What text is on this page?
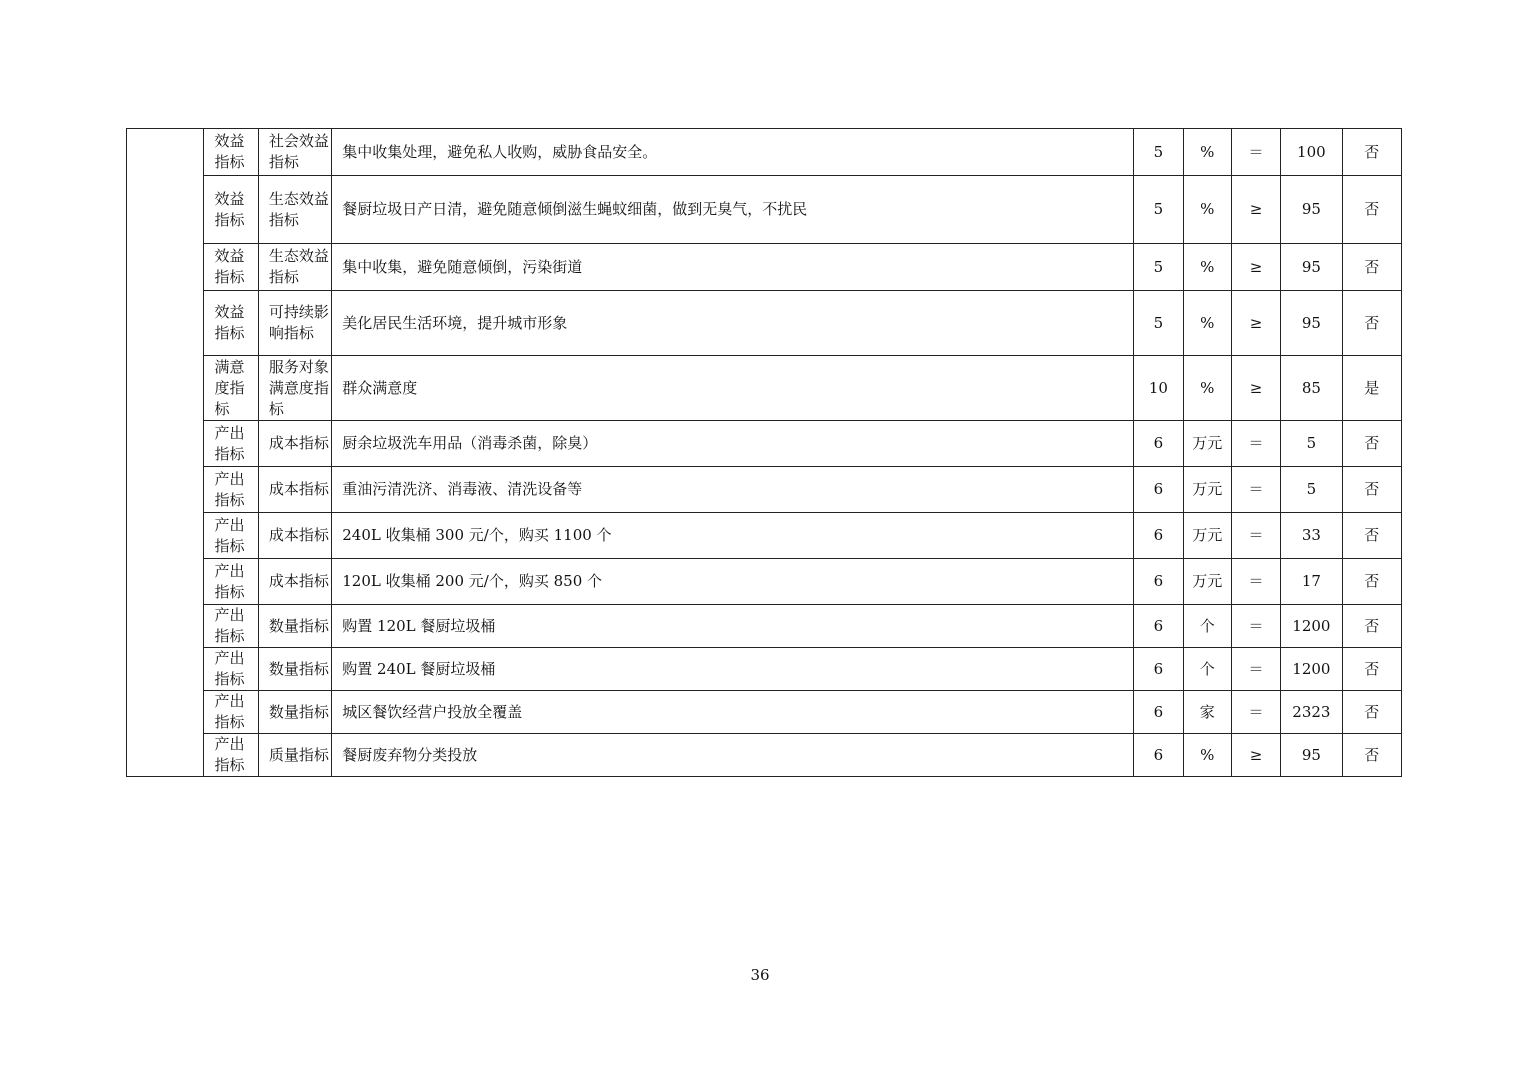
	效益指标	社会效益指标	集中收集处理，避免私人收购，威胁食品安全。	5	%	＝	100	否
	效益指标	生态效益指标	餐厨垃圾日产日清，避免随意倾倒滋生蝇蚊细菌，做到无臭气，不扰民	5	%	≥	95	否
	效益指标	生态效益指标	集中收集，避免随意倾倒，污染街道	5	%	≥	95	否
	效益指标	可持续影响指标	美化居民生活环境，提升城市形象	5	%	≥	95	否
	满意度指标	服务对象满意度指标	群众满意度	10	%	≥	85	是
	产出指标	成本指标	厨余垃圾洗车用品（消毒杀菌，除臭）	6	万元	＝	5	否
	产出指标	成本指标	重油污清洗济、消毒液、清洗设备等	6	万元	＝	5	否
	产出指标	成本指标	240L 收集桶 300 元/个，购买 1100 个	6	万元	＝	33	否
	产出指标	成本指标	120L 收集桶 200 元/个，购买 850 个	6	万元	＝	17	否
	产出指标	数量指标	购置 120L 餐厨垃圾桶	6	个	＝	1200	否
	产出指标	数量指标	购置 240L 餐厨垃圾桶	6	个	＝	1200	否
	产出指标	数量指标	城区餐饮经营户投放全覆盖	6	家	＝	2323	否
	产出指标	质量指标	餐厨废弃物分类投放	6	%	≥	95	否
36
